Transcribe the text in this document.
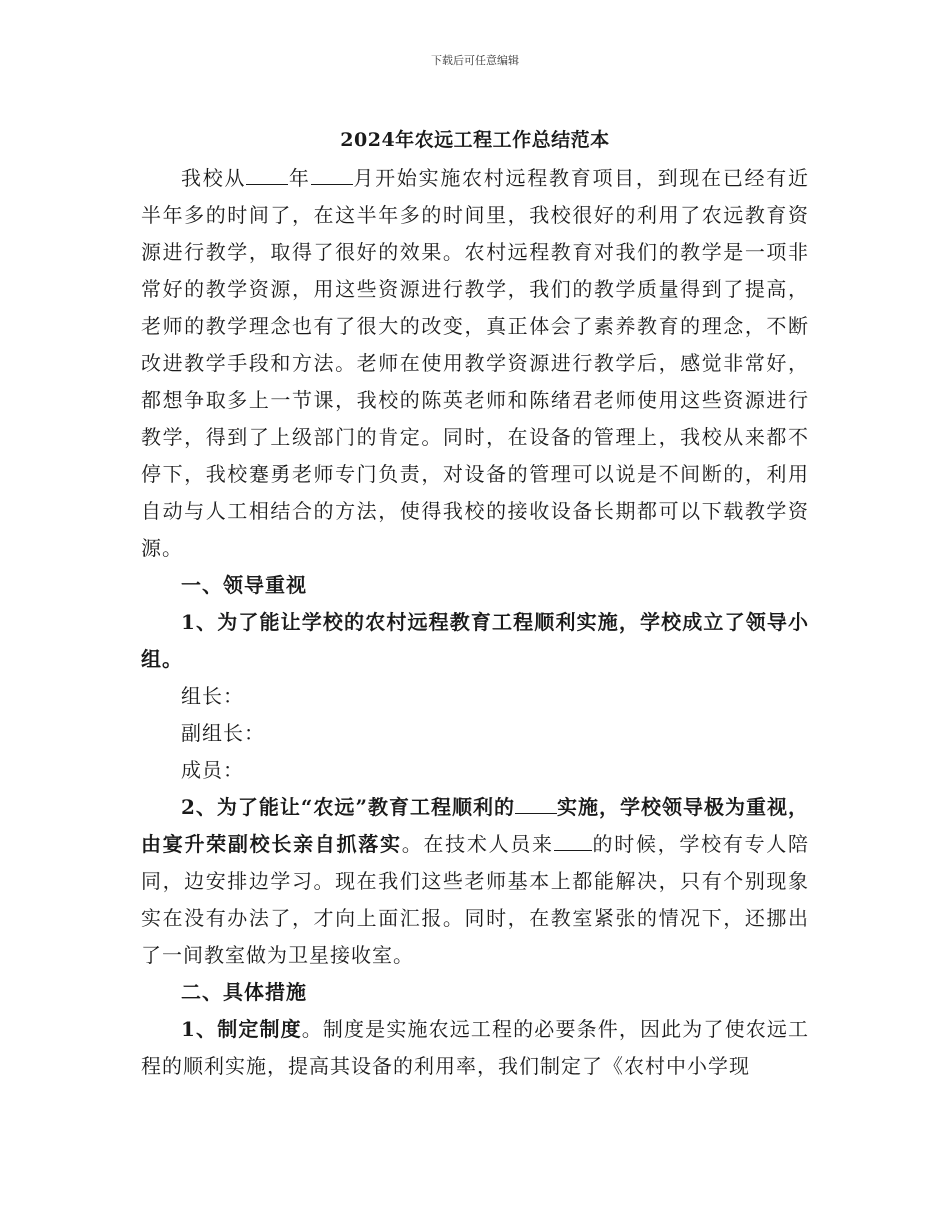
下载后可任意编辑
2024年农远工程工作总结范本

我校从 年 月开始实施农村远程教育项目，到现在已经有近半年多的时间了，在这半年多的时间里，我校很好的利用了农远教育资源进行教学，取得了很好的效果。农村远程教育对我们的教学是一项非常好的教学资源，用这些资源进行教学，我们的教学质量得到了提高，老师的教学理念也有了很大的改变，真正体会了素养教育的理念，不断改进教学手段和方法。老师在使用教学资源进行教学后，感觉非常好，都想争取多上一节课，我校的陈英老师和陈绪君老师使用这些资源进行教学，得到了上级部门的肯定。同时，在设备的管理上，我校从来都不停下，我校蹇勇老师专门负责，对设备的管理可以说是不间断的，利用自动与人工相结合的方法，使得我校的接收设备长期都可以下载教学资源。

一、领导重视

1、为了能让学校的农村远程教育工程顺利实施，学校成立了领导小组。

组长：

副组长：

成员：

2、为了能让“农远”教育工程顺利的 实施，学校领导极为重视，由宴升荣副校长亲自抓落实。在技术人员来 的时候，学校有专人陪同，边安排边学习。现在我们这些老师基本上都能解决，只有个别现象实在没有办法了，才向上面汇报。同时，在教室紧张的情况下，还挪出了一间教室做为卫星接收室。

二、具体措施

1、制定制度。制度是实施农远工程的必要条件，因此为了使农远工程的顺利实施，提高其设备的利用率，我们制定了《农村中小学现
